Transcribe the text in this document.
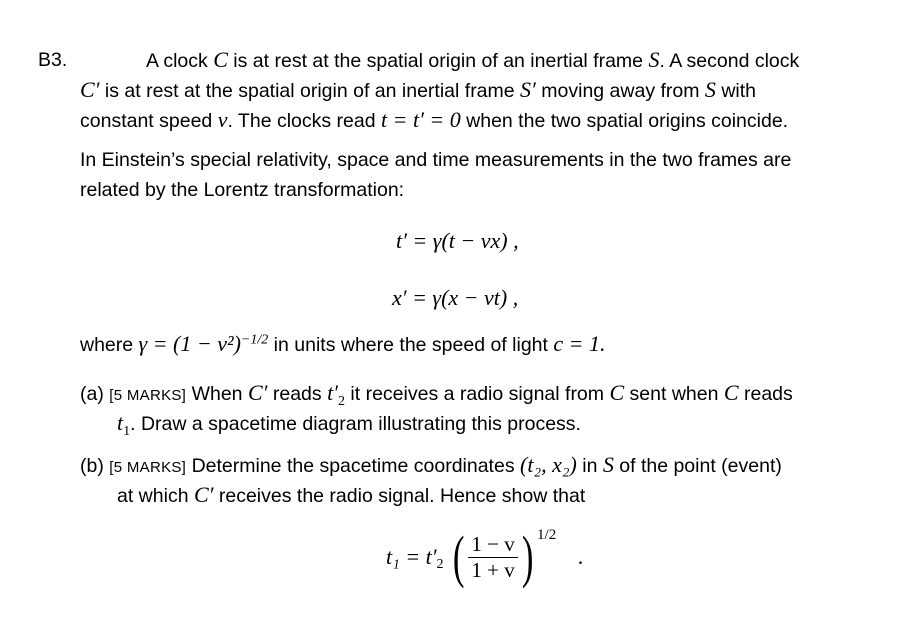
B3.	A clock C is at rest at the spatial origin of an inertial frame S. A second clock
C′ is at rest at the spatial origin of an inertial frame S′ moving away from S with
constant speed v. The clocks read t = t′ = 0 when the two spatial origins coincide.
In Einstein’s special relativity, space and time measurements in the two frames are
related by the Lorentz transformation:
t′ = γ(t − vx) ,
x′ = γ(x − vt) ,
where $\gamma = (1 - v^2)^{-1/2}$ in units where the speed of light c = 1.
(a) [5 MARKS] When C′ reads $t'_2$ it receives a radio signal from C sent when C reads
$t_1$. Draw a spacetime diagram illustrating this process.
(b) [5 MARKS] Determine the spacetime coordinates (t₂, x₂) in S of the point (event)
at which C′ receives the radio signal. Hence show that
$t_1 = t'_2$ ( $\frac{1 - v}{1 + v}$ ) $^{1/2}$ .
